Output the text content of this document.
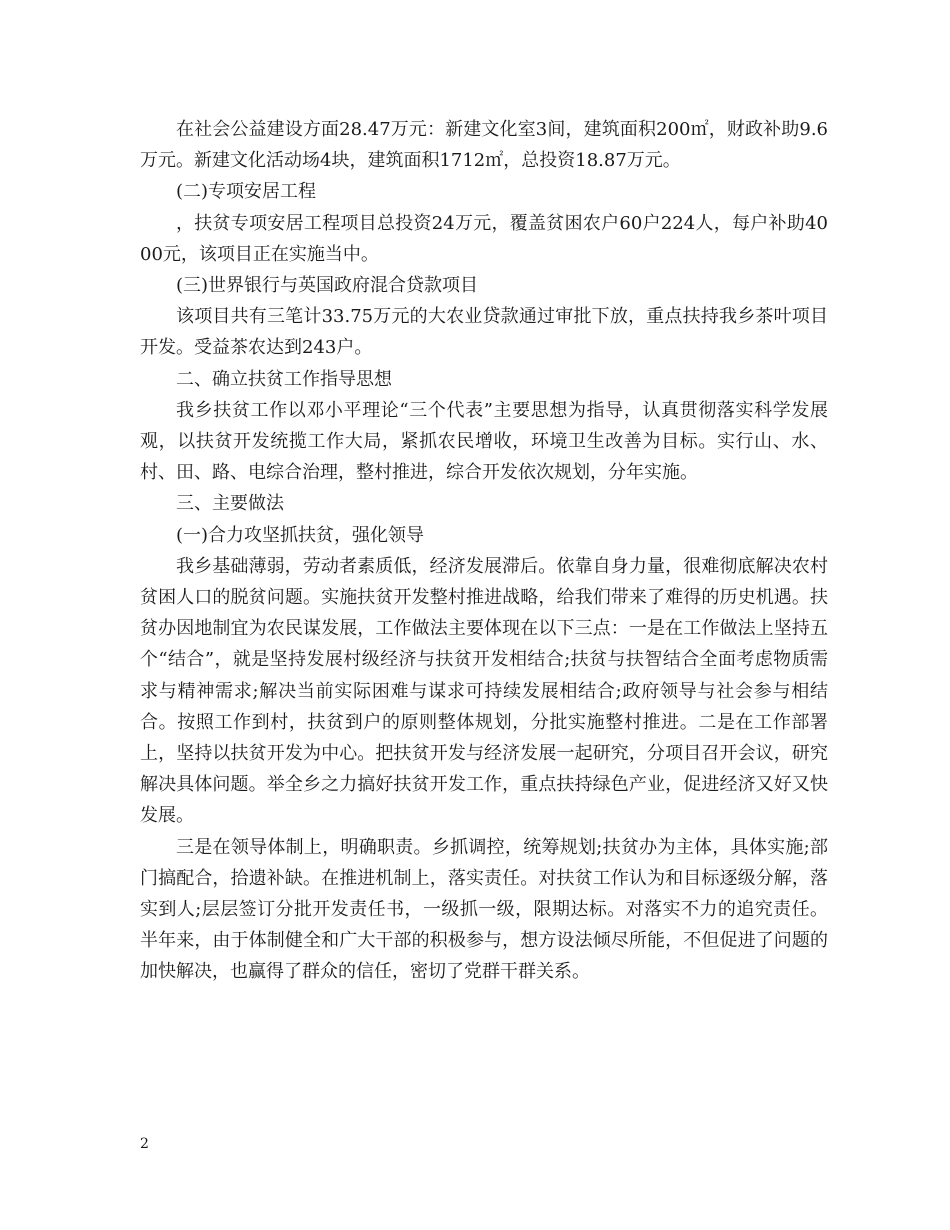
在社会公益建设方面28.47万元：新建文化室3间，建筑面积200㎡，财政补助9.6万元。新建文化活动场4块，建筑面积1712㎡，总投资18.87万元。

(二)专项安居工程

，扶贫专项安居工程项目总投资24万元，覆盖贫困农户60户224人，每户补助4000元，该项目正在实施当中。

(三)世界银行与英国政府混合贷款项目

该项目共有三笔计33.75万元的大农业贷款通过审批下放，重点扶持我乡茶叶项目开发。受益茶农达到243户。

二、确立扶贫工作指导思想

我乡扶贫工作以邓小平理论“三个代表”主要思想为指导，认真贯彻落实科学发展观，以扶贫开发统揽工作大局，紧抓农民增收，环境卫生改善为目标。实行山、水、村、田、路、电综合治理，整村推进，综合开发依次规划，分年实施。

三、主要做法

(一)合力攻坚抓扶贫，强化领导

我乡基础薄弱，劳动者素质低，经济发展滞后。依靠自身力量，很难彻底解决农村贫困人口的脱贫问题。实施扶贫开发整村推进战略，给我们带来了难得的历史机遇。扶贫办因地制宜为农民谋发展，工作做法主要体现在以下三点：一是在工作做法上坚持五个“结合”，就是坚持发展村级经济与扶贫开发相结合;扶贫与扶智结合全面考虑物质需求与精神需求;解决当前实际困难与谋求可持续发展相结合;政府领导与社会参与相结合。按照工作到村，扶贫到户的原则整体规划，分批实施整村推进。二是在工作部署上，坚持以扶贫开发为中心。把扶贫开发与经济发展一起研究，分项目召开会议，研究解决具体问题。举全乡之力搞好扶贫开发工作，重点扶持绿色产业，促进经济又好又快发展。

三是在领导体制上，明确职责。乡抓调控，统筹规划;扶贫办为主体，具体实施;部门搞配合，拾遗补缺。在推进机制上，落实责任。对扶贫工作认为和目标逐级分解，落实到人;层层签订分批开发责任书，一级抓一级，限期达标。对落实不力的追究责任。半年来，由于体制健全和广大干部的积极参与，想方设法倾尽所能，不但促进了问题的加快解决，也赢得了群众的信任，密切了党群干群关系。

2
